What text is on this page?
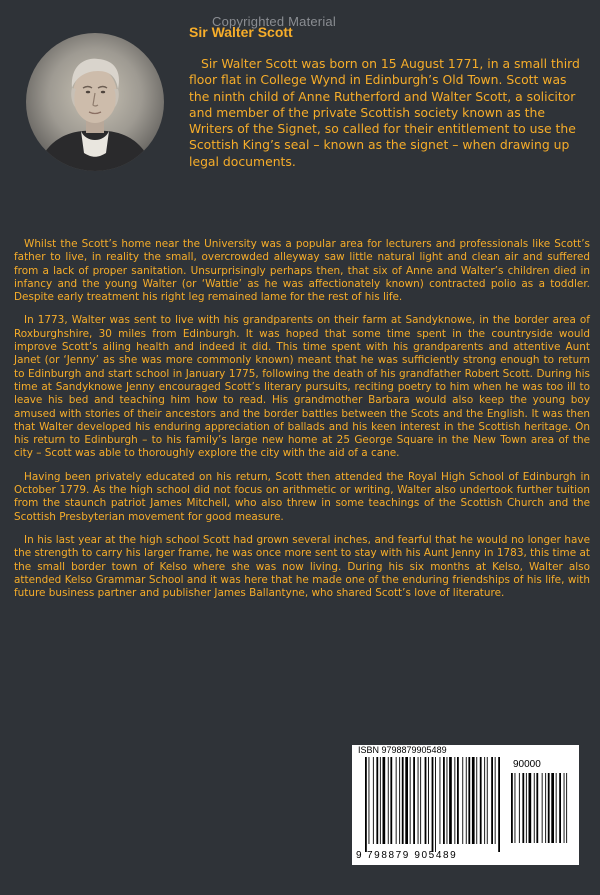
Copyrighted Material
Sir Walter Scott

Sir Walter Scott was born on 15 August 1771, in a small third floor flat in College Wynd in Edinburgh’s Old Town. Scott was the ninth child of Anne Rutherford and Walter Scott, a solicitor and member of the private Scottish society known as the Writers of the Signet, so called for their entitlement to use the Scottish King’s seal – known as the signet – when drawing up legal documents.

Whilst the Scott’s home near the University was a popular area for lecturers and professionals like Scott’s father to live, in reality the small, overcrowded alleyway saw little natural light and clean air and suffered from a lack of proper sanitation. Unsurprisingly perhaps then, that six of Anne and Walter’s children died in infancy and the young Walter (or ‘Wattie’ as he was affectionately known) contracted polio as a toddler. Despite early treatment his right leg remained lame for the rest of his life.

In 1773, Walter was sent to live with his grandparents on their farm at Sandyknowe, in the border area of Roxburghshire, 30 miles from Edinburgh. It was hoped that some time spent in the countryside would improve Scott’s ailing health and indeed it did. This time spent with his grandparents and attentive Aunt Janet (or ‘Jenny’ as she was more commonly known) meant that he was sufficiently strong enough to return to Edinburgh and start school in January 1775, following the death of his grandfather Robert Scott. During his time at Sandyknowe Jenny encouraged Scott’s literary pursuits, reciting poetry to him when he was too ill to leave his bed and teaching him how to read. His grandmother Barbara would also keep the young boy amused with stories of their ancestors and the border battles between the Scots and the English. It was then that Walter developed his enduring appreciation of ballads and his keen interest in the Scottish heritage. On his return to Edinburgh – to his family’s large new home at 25 George Square in the New Town area of the city – Scott was able to thoroughly explore the city with the aid of a cane.

Having been privately educated on his return, Scott then attended the Royal High School of Edinburgh in October 1779. As the high school did not focus on arithmetic or writing, Walter also undertook further tuition from the staunch patriot James Mitchell, who also threw in some teachings of the Scottish Church and the Scottish Presbyterian movement for good measure.

In his last year at the high school Scott had grown several inches, and fearful that he would no longer have the strength to carry his larger frame, he was once more sent to stay with his Aunt Jenny in 1783, this time at the small border town of Kelso where she was now living. During his six months at Kelso, Walter also attended Kelso Grammar School and it was here that he made one of the enduring friendships of his life, with future business partner and publisher James Ballantyne, who shared Scott’s love of literature.

ISBN 9798879905489
90000
9 798879 905489
